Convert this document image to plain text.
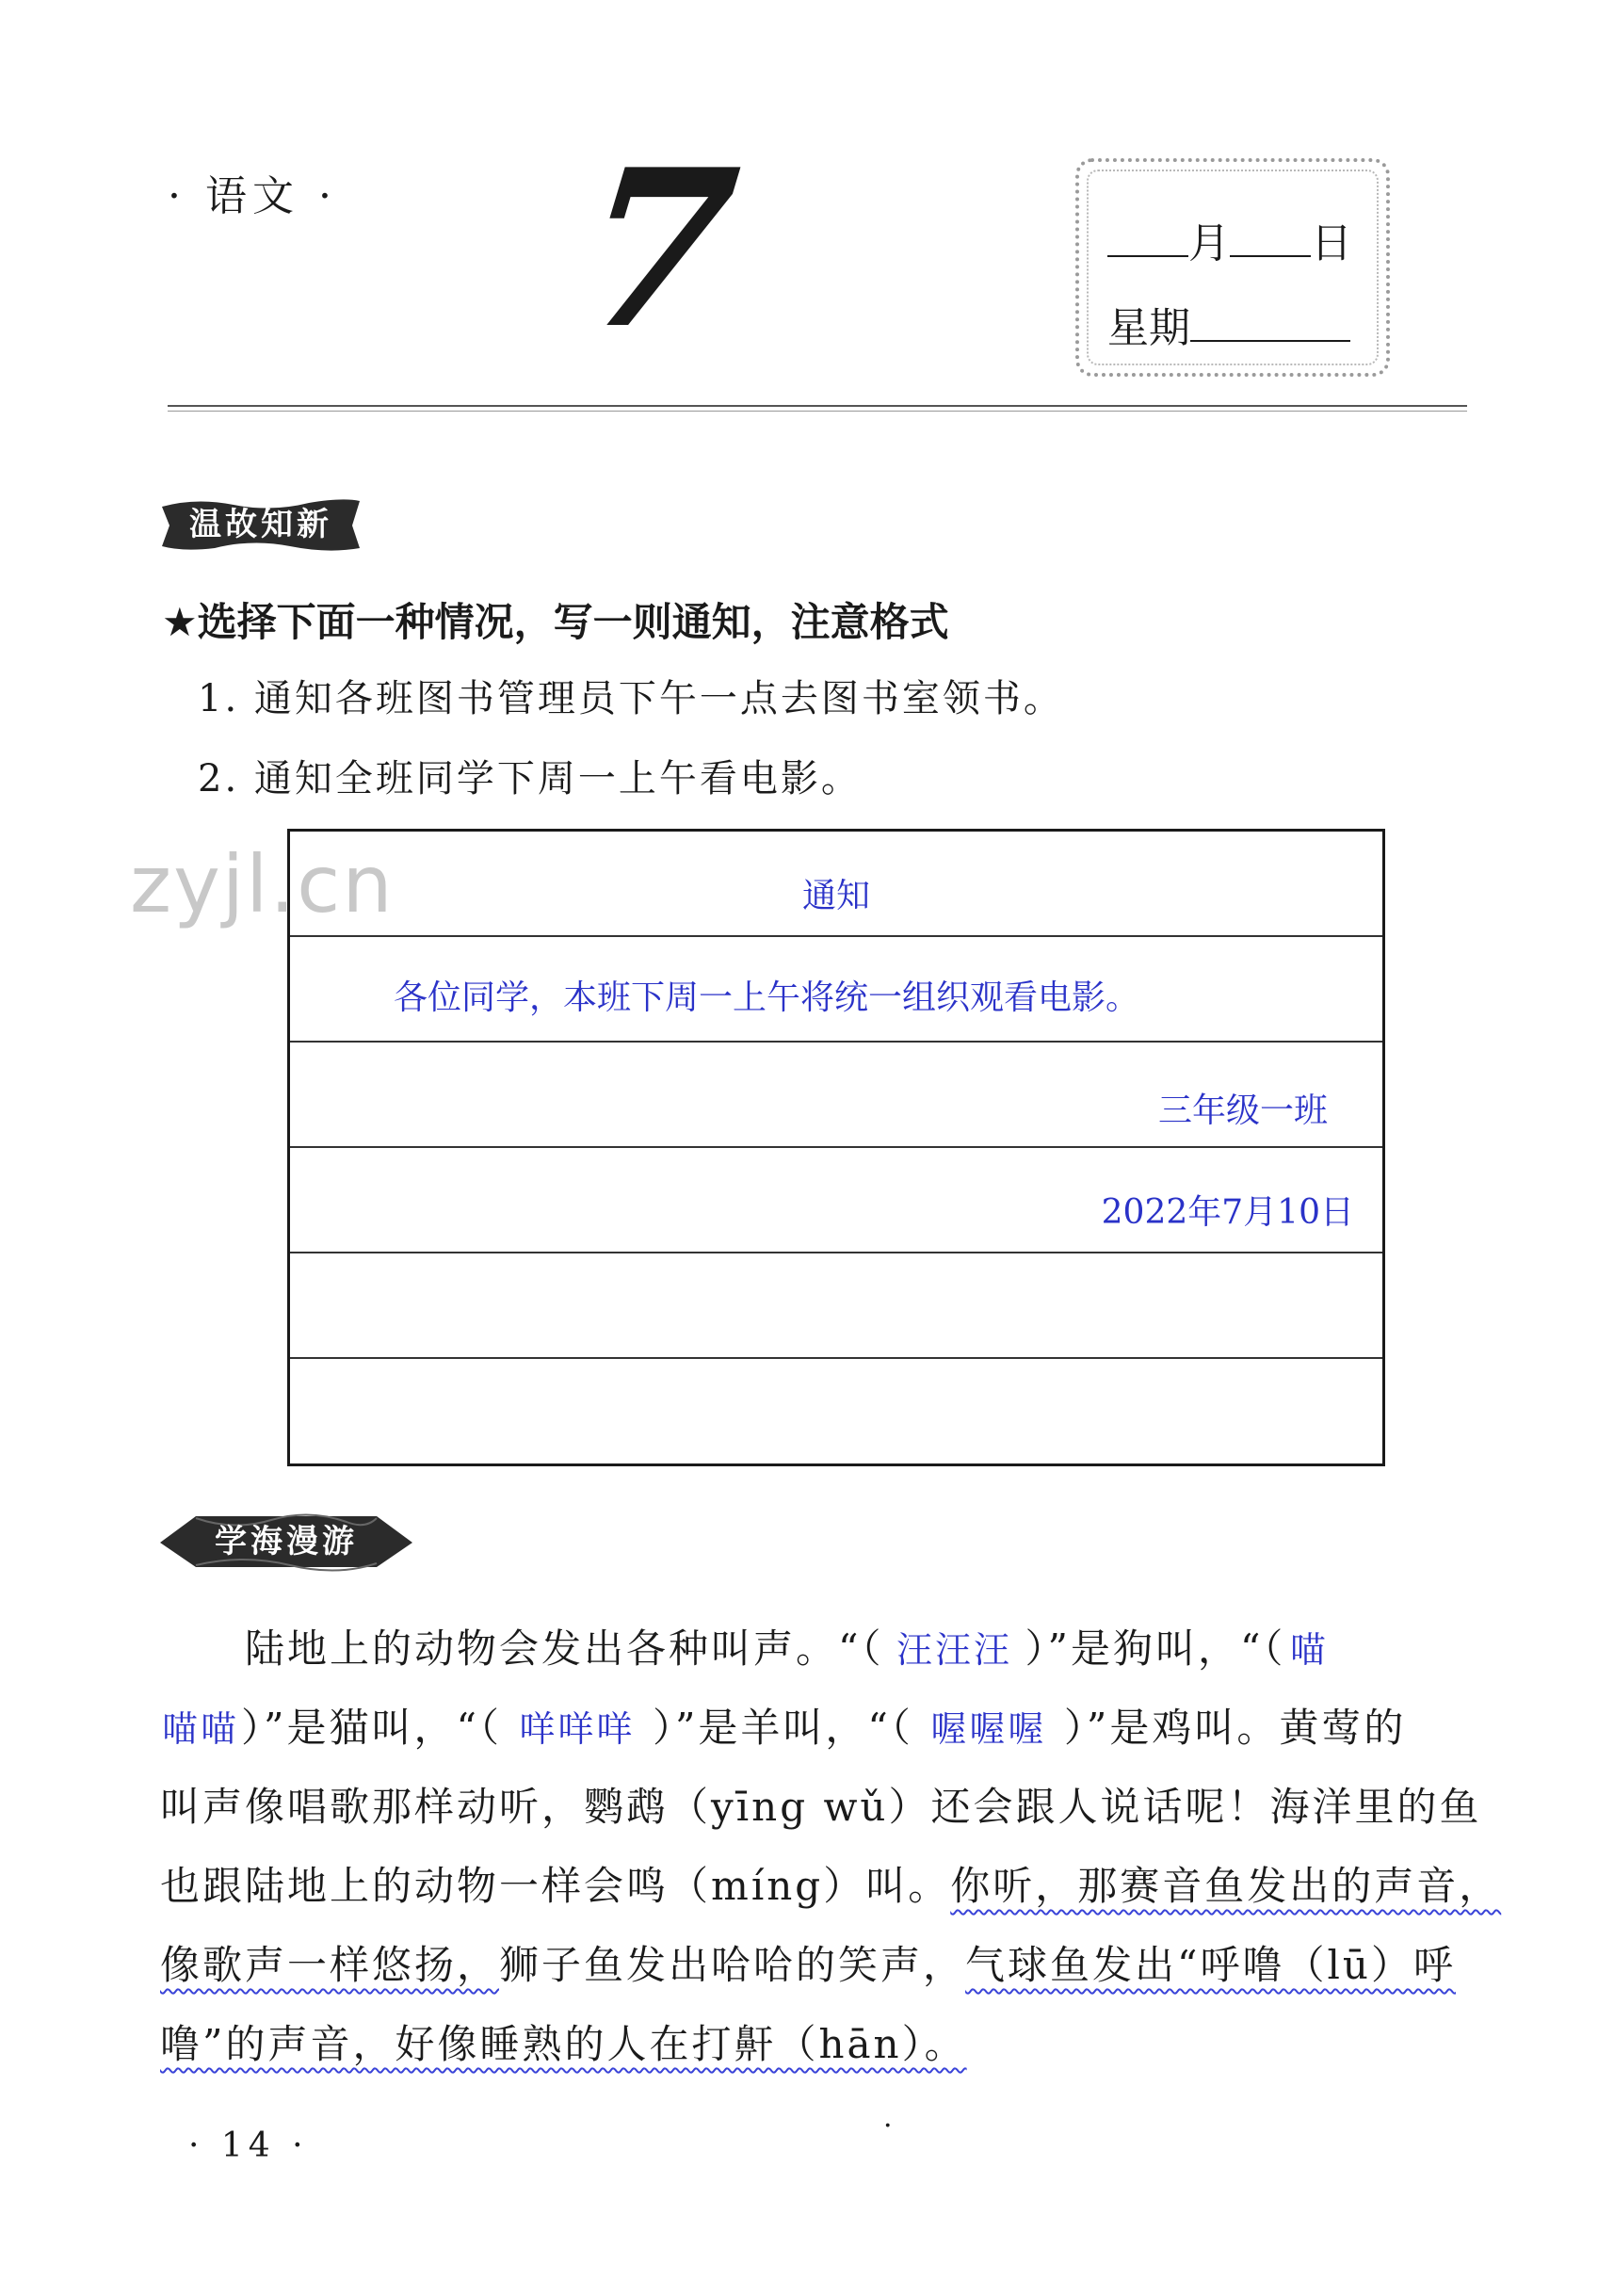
· 语文 · 7	月 日
星期
温故知新
★选择下面一种情况，写一则通知，注意格式
1. 通知各班图书管理员下午一点去图书室领书。
2. 通知全班同学下周一上午看电影。
zyjl.cn	通知
各位同学，本班下周一上午将统一组织观看电影。
三年级一班
2022年7月10日
学海漫游
陆地上的动物会发出各种叫声。“（ 汪汪汪 ）”是狗叫，“（ 喵
喵喵）”是猫叫，“（ 咩咩咩 ）”是羊叫，“（ 喔喔喔 ）”是鸡叫。黄莺的
叫声像唱歌那样动听，鹦鹉（yīng wǔ）还会跟人说话呢！海洋里的鱼
也跟陆地上的动物一样会鸣（míng）叫。你听，那赛音鱼发出的声音，
像歌声一样悠扬，狮子鱼发出哈哈的笑声，气球鱼发出“呼噜（lū）呼
噜”的声音，好像睡熟的人在打鼾（hān）。
· 14 ·
·
